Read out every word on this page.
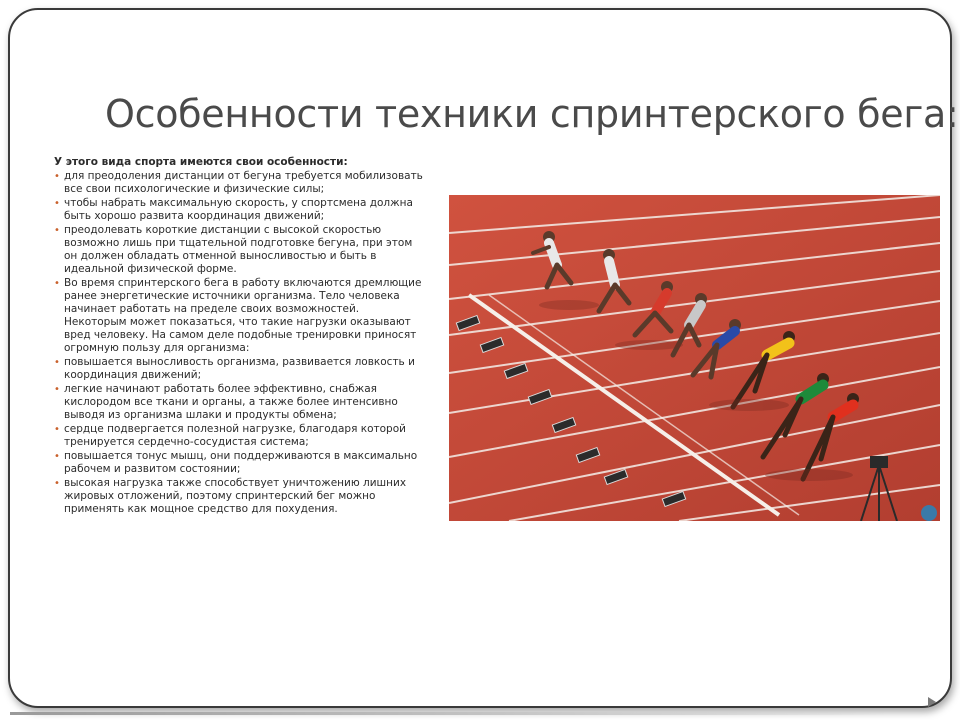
Особенности техники спринтерского бега:
У этого вида спорта имеются свои особенности:
• для преодоления дистанции от бегуна требуется мобилизовать все свои психологические и физические силы;
• чтобы набрать максимальную скорость, у спортсмена должна быть хорошо развита координация движений;
• преодолевать короткие дистанции с высокой скоростью возможно лишь при тщательной подготовке бегуна, при этом он должен обладать отменной выносливостью и быть в идеальной физической форме.
• Во время спринтерского бега в работу включаются дремлющие ранее энергетические источники организма. Тело человека начинает работать на пределе своих возможностей. Некоторым может показаться, что такие нагрузки оказывают вред человеку. На самом деле подобные тренировки приносят огромную пользу для организма:
• повышается выносливость организма, развивается ловкость и координация движений;
• легкие начинают работать более эффективно, снабжая кислородом все ткани и органы, а также более интенсивно выводя из организма шлаки и продукты обмена;
• сердце подвергается полезной нагрузке, благодаря которой тренируется сердечно-сосудистая система;
• повышается тонус мышц, они поддерживаются в максимально рабочем и развитом состоянии;
• высокая нагрузка также способствует уничтожению лишних жировых отложений, поэтому спринтерский бег можно применять как мощное средство для похудения.
